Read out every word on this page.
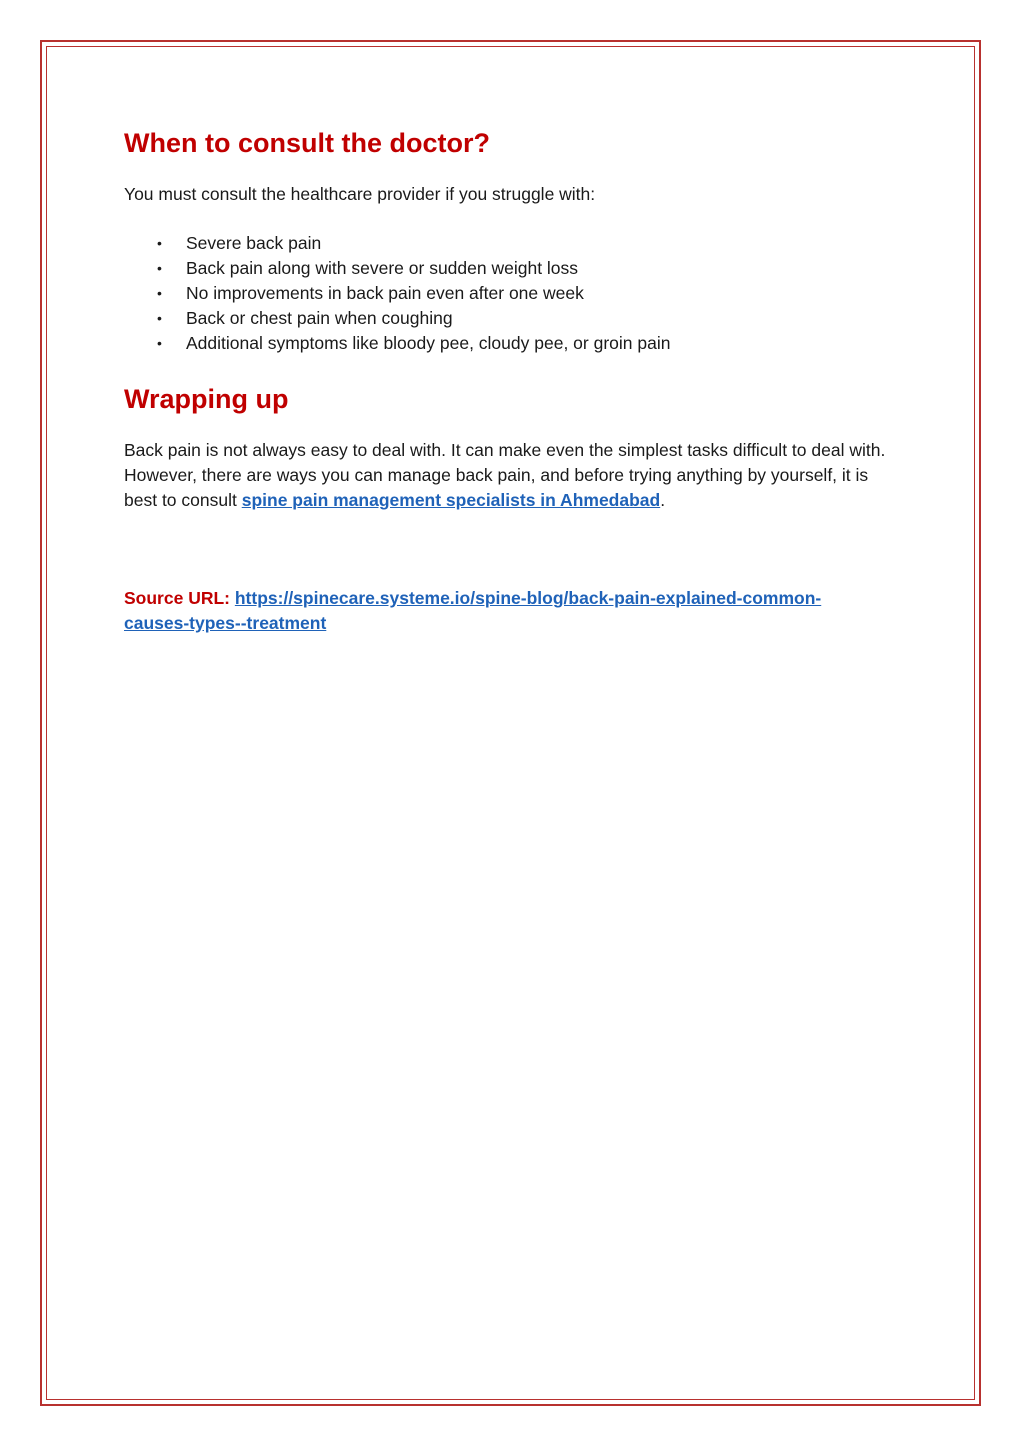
When to consult the doctor?

You must consult the healthcare provider if you struggle with:

• Severe back pain
• Back pain along with severe or sudden weight loss
• No improvements in back pain even after one week
• Back or chest pain when coughing
• Additional symptoms like bloody pee, cloudy pee, or groin pain
Wrapping up

Back pain is not always easy to deal with. It can make even the simplest tasks difficult to deal with. However, there are ways you can manage back pain, and before trying anything by yourself, it is best to consult spine pain management specialists in Ahmedabad.

Source URL: https://spinecare.systeme.io/spine-blog/back-pain-explained-common-
causes-types--treatment
